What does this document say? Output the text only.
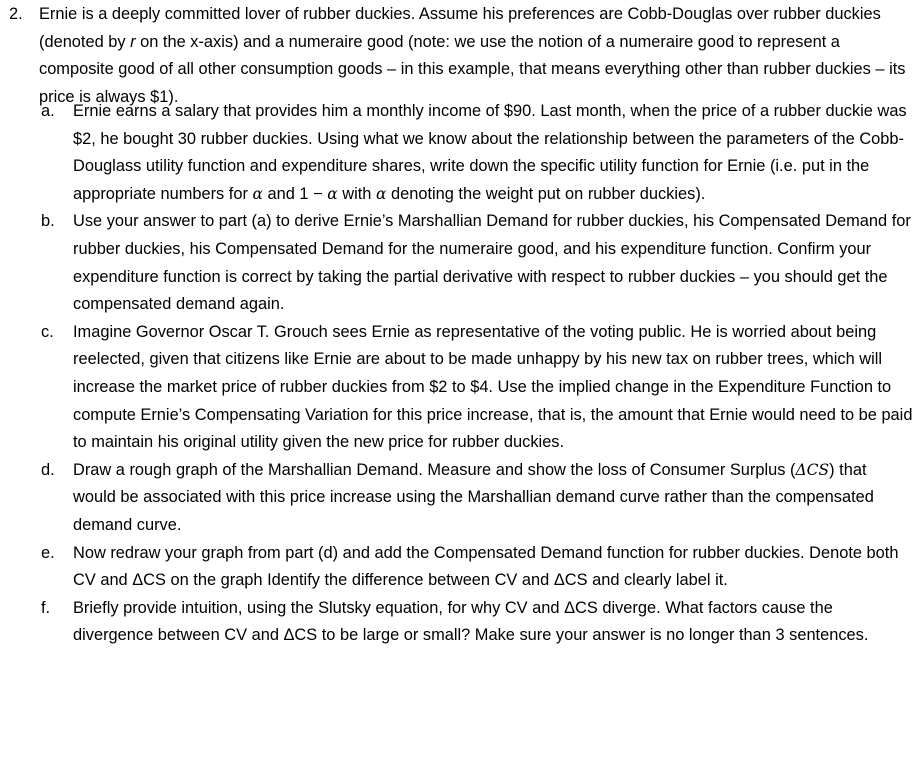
2. Ernie is a deeply committed lover of rubber duckies. Assume his preferences are Cobb-Douglas over rubber duckies (denoted by r on the x-axis) and a numeraire good (note: we use the notion of a numeraire good to represent a composite good of all other consumption goods – in this example, that means everything other than rubber duckies – its price is always $1).
a.	Ernie earns a salary that provides him a monthly income of $90. Last month, when the price of a rubber duckie was $2, he bought 30 rubber duckies. Using what we know about the relationship between the parameters of the Cobb-Douglass utility function and expenditure shares, write down the specific utility function for Ernie (i.e. put in the appropriate numbers for α and 1 − α with α denoting the weight put on rubber duckies).
b.	Use your answer to part (a) to derive Ernie’s Marshallian Demand for rubber duckies, his Compensated Demand for rubber duckies, his Compensated Demand for the numeraire good, and his expenditure function. Confirm your expenditure function is correct by taking the partial derivative with respect to rubber duckies – you should get the compensated demand again.
c.	Imagine Governor Oscar T. Grouch sees Ernie as representative of the voting public. He is worried about being reelected, given that citizens like Ernie are about to be made unhappy by his new tax on rubber trees, which will increase the market price of rubber duckies from $2 to $4. Use the implied change in the Expenditure Function to compute Ernie’s Compensating Variation for this price increase, that is, the amount that Ernie would need to be paid to maintain his original utility given the new price for rubber duckies.
d.	Draw a rough graph of the Marshallian Demand. Measure and show the loss of Consumer Surplus (ΔCS) that would be associated with this price increase using the Marshallian demand curve rather than the compensated demand curve.
e.	Now redraw your graph from part (d) and add the Compensated Demand function for rubber duckies. Denote both CV and ΔCS on the graph Identify the difference between CV and ΔCS and clearly label it.
f.	Briefly provide intuition, using the Slutsky equation, for why CV and ΔCS diverge. What factors cause the divergence between CV and ΔCS to be large or small? Make sure your answer is no longer than 3 sentences.
